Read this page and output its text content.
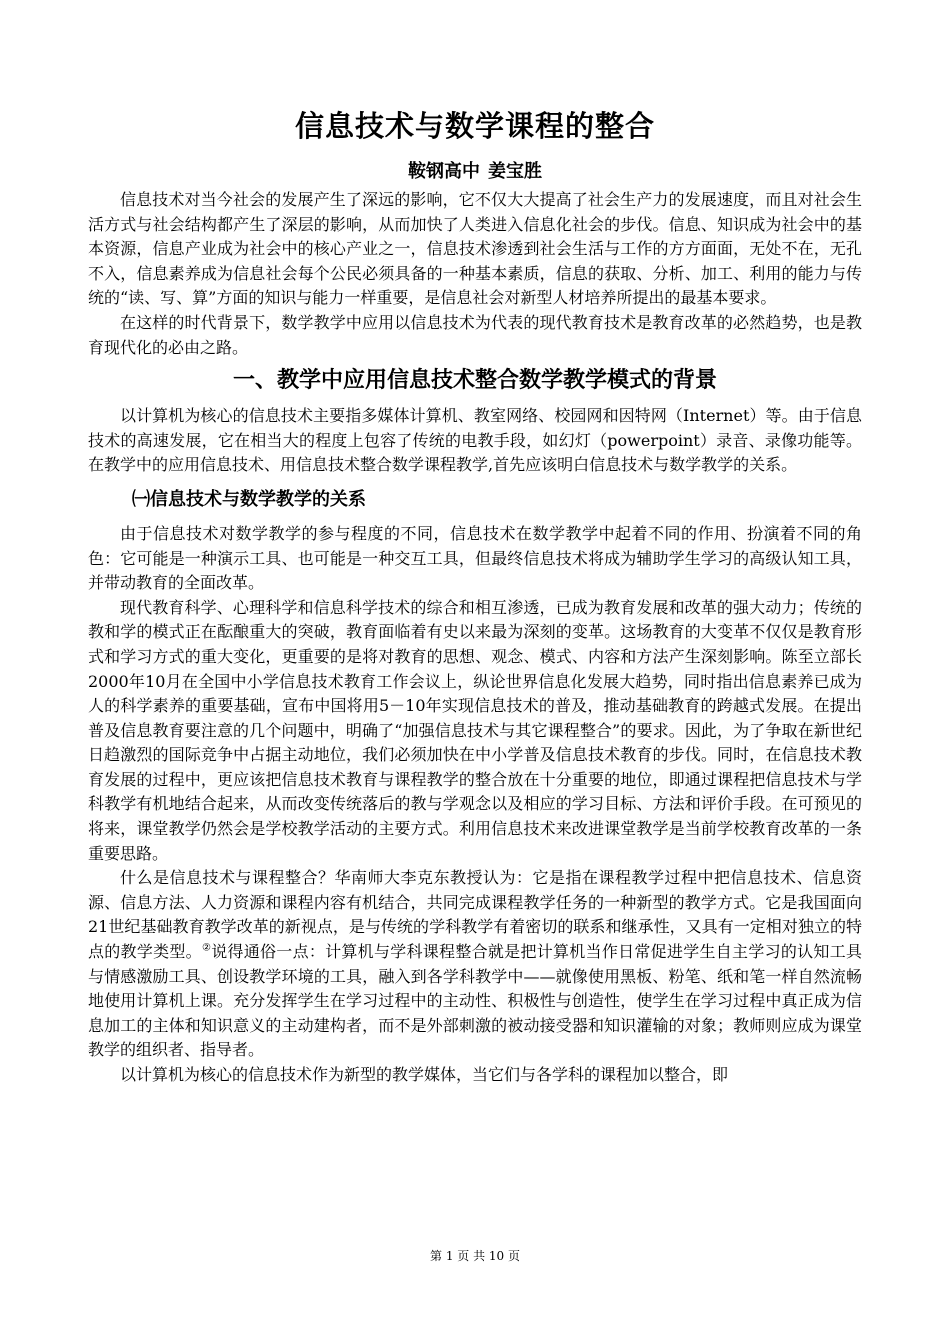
信息技术与数学课程的整合
鞍钢高中 姜宝胜

信息技术对当今社会的发展产生了深远的影响，它不仅大大提高了社会生产力的发展速度，而且对社会生活方式与社会结构都产生了深层的影响，从而加快了人类进入信息化社会的步伐。信息、知识成为社会中的基本资源，信息产业成为社会中的核心产业之一，信息技术渗透到社会生活与工作的方方面面，无处不在，无孔不入，信息素养成为信息社会每个公民必须具备的一种基本素质，信息的获取、分析、加工、利用的能力与传统的“读、写、算”方面的知识与能力一样重要，是信息社会对新型人材培养所提出的最基本要求。

在这样的时代背景下，数学教学中应用以信息技术为代表的现代教育技术是教育改革的必然趋势，也是教育现代化的必由之路。

一、教学中应用信息技术整合数学教学模式的背景

以计算机为核心的信息技术主要指多媒体计算机、教室网络、校园网和因特网（Internet）等。由于信息技术的高速发展，它在相当大的程度上包容了传统的电教手段，如幻灯（powerpoint）录音、录像功能等。在教学中的应用信息技术、用信息技术整合数学课程教学,首先应该明白信息技术与数学教学的关系。

㈠信息技术与数学教学的关系

由于信息技术对数学教学的参与程度的不同，信息技术在数学教学中起着不同的作用、扮演着不同的角色：它可能是一种演示工具、也可能是一种交互工具，但最终信息技术将成为辅助学生学习的高级认知工具，并带动教育的全面改革。

现代教育科学、心理科学和信息科学技术的综合和相互渗透，已成为教育发展和改革的强大动力；传统的教和学的模式正在酝酿重大的突破，教育面临着有史以来最为深刻的变革。这场教育的大变革不仅仅是教育形式和学习方式的重大变化，更重要的是将对教育的思想、观念、模式、内容和方法产生深刻影响。陈至立部长2000年10月在全国中小学信息技术教育工作会议上，纵论世界信息化发展大趋势，同时指出信息素养已成为人的科学素养的重要基础，宣布中国将用5－10年实现信息技术的普及，推动基础教育的跨越式发展。在提出普及信息教育要注意的几个问题中，明确了“加强信息技术与其它课程整合”的要求。因此，为了争取在新世纪日趋激烈的国际竞争中占据主动地位，我们必须加快在中小学普及信息技术教育的步伐。同时，在信息技术教育发展的过程中，更应该把信息技术教育与课程教学的整合放在十分重要的地位，即通过课程把信息技术与学科教学有机地结合起来，从而改变传统落后的教与学观念以及相应的学习目标、方法和评价手段。在可预见的将来，课堂教学仍然会是学校教学活动的主要方式。利用信息技术来改进课堂教学是当前学校教育改革的一条重要思路。

什么是信息技术与课程整合？华南师大李克东教授认为：它是指在课程教学过程中把信息技术、信息资源、信息方法、人力资源和课程内容有机结合，共同完成课程教学任务的一种新型的教学方式。它是我国面向21世纪基础教育教学改革的新视点，是与传统的学科教学有着密切的联系和继承性，又具有一定相对独立的特点的教学类型。②说得通俗一点：计算机与学科课程整合就是把计算机当作日常促进学生自主学习的认知工具与情感激励工具、创设教学环境的工具，融入到各学科教学中——就像使用黑板、粉笔、纸和笔一样自然流畅地使用计算机上课。充分发挥学生在学习过程中的主动性、积极性与创造性，使学生在学习过程中真正成为信息加工的主体和知识意义的主动建构者，而不是外部刺激的被动接受器和知识灌输的对象；教师则应成为课堂教学的组织者、指导者。

以计算机为核心的信息技术作为新型的教学媒体，当它们与各学科的课程加以整合，即

第 1 页 共 10 页
